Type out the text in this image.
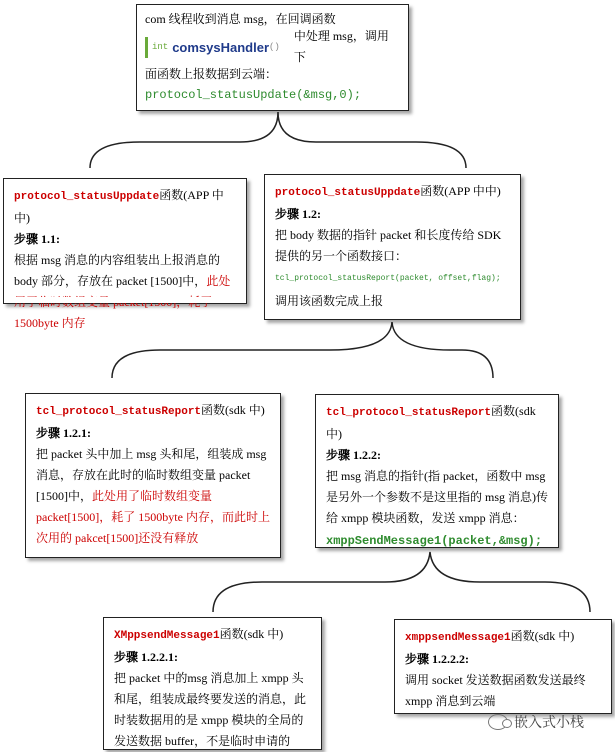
com 线程收到消息 msg，在回调函数

int comsysHandler ()
中处理 msg，调用下

面函数上报数据到云端：

protocol_statusUpdate(&msg,0);

protocol_statusUppdate函数(APP 中中)

步骤 1.1:

根据 msg 消息的内容组装出上报消息的 body 部分，存放在 packet [1500]中，此处 1500byte 内存

protocol_statusUppdate函数(APP 中中)

步骤 1.2:

把 body 数据的指针 packet 和长度传给 SDK 提供的另一个函数接口：

tcl_protocol_statusReport(packet, offset,flag);

调用该函数完成上报

tcl_protocol_statusReport函数(sdk 中)

步骤 1.2.1:

把 packet 头中加上 msg 头和尾，组装成 msg 消息，存放在此时的临时数组变量 packet [1500]中，此处用了临时数组变量 packet[1500]，耗了 1500byte 内存，而此时上次用的 pakcet[1500]还没有释放

tcl_protocol_statusReport函数(sdk 中)

步骤 1.2.2:

把 msg 消息的指针(指 packet，函数中 msg 是另外一个参数不是这里指的 msg 消息)传给 xmpp 模块函数，发送 xmpp 消息：

xmppSendMessage1(packet,&msg);

XMppsendMessage1函数(sdk 中)

步骤 1.2.2.1:

把 packet 中的msg 消息加上 xmpp 头和尾，组装成最终要发送的消息，此时装数据用的是 xmpp 模块的全局的发送数据 buffer，不是临时申请的

xmppsendMessage1函数(sdk 中)

步骤 1.2.2.2:

调用 socket 发送数据函数发送最终 xmpp 消息到云端

嵌入式小栈
